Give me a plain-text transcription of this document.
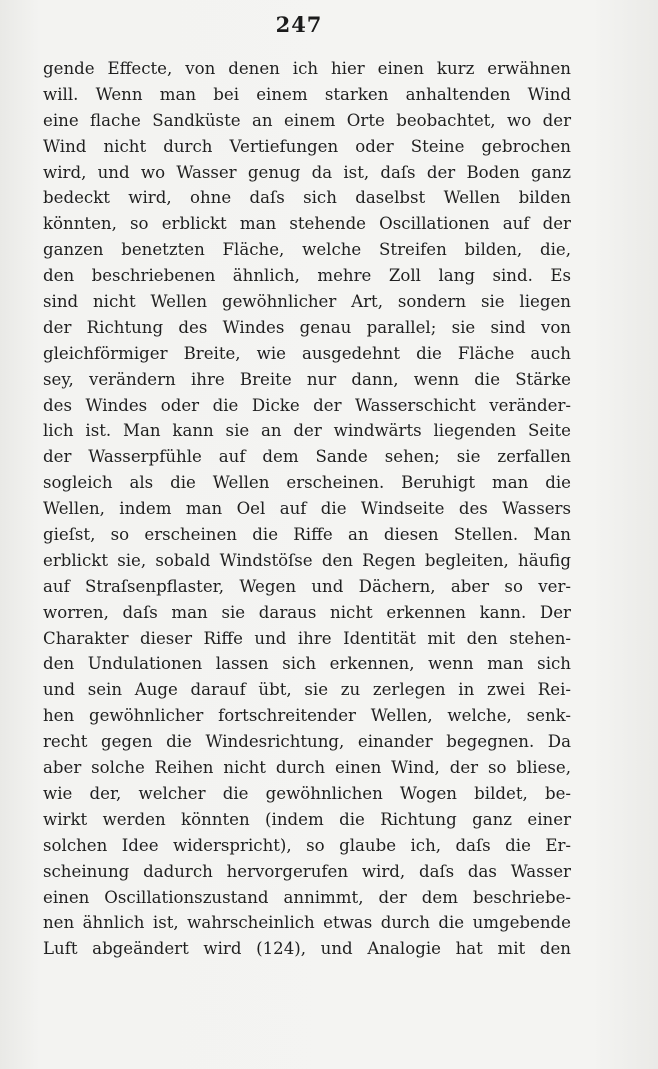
247
gende Effecte, von denen ich hier einen kurz erwähnen
will. Wenn man bei einem starken anhaltenden Wind
eine flache Sandküste an einem Orte beobachtet, wo der
Wind nicht durch Vertiefungen oder Steine gebrochen
wird, und wo Wasser genug da ist, daſs der Boden ganz
bedeckt wird, ohne daſs sich daselbst Wellen bilden
könnten, so erblickt man stehende Oscillationen auf der
ganzen benetzten Fläche, welche Streifen bilden, die,
den beschriebenen ähnlich, mehre Zoll lang sind. Es
sind nicht Wellen gewöhnlicher Art, sondern sie liegen
der Richtung des Windes genau parallel; sie sind von
gleichförmiger Breite, wie ausgedehnt die Fläche auch
sey, verändern ihre Breite nur dann, wenn die Stärke
des Windes oder die Dicke der Wasserschicht veränder-
lich ist. Man kann sie an der windwärts liegenden Seite
der Wasserpfühle auf dem Sande sehen; sie zerfallen
sogleich als die Wellen erscheinen. Beruhigt man die
Wellen, indem man Oel auf die Windseite des Wassers
gieſst, so erscheinen die Riffe an diesen Stellen. Man
erblickt sie, sobald Windstöſse den Regen begleiten, häufig
auf Straſsenpflaster, Wegen und Dächern, aber so ver-
worren, daſs man sie daraus nicht erkennen kann. Der
Charakter dieser Riffe und ihre Identität mit den stehen-
den Undulationen lassen sich erkennen, wenn man sich
und sein Auge darauf übt, sie zu zerlegen in zwei Rei-
hen gewöhnlicher fortschreitender Wellen, welche, senk-
recht gegen die Windesrichtung, einander begegnen. Da
aber solche Reihen nicht durch einen Wind, der so bliese,
wie der, welcher die gewöhnlichen Wogen bildet, be-
wirkt werden könnten (indem die Richtung ganz einer
solchen Idee widerspricht), so glaube ich, daſs die Er-
scheinung dadurch hervorgerufen wird, daſs das Wasser
einen Oscillationszustand annimmt, der dem beschriebe-
nen ähnlich ist, wahrscheinlich etwas durch die umgebende
Luft abgeändert wird (124), und Analogie hat mit den
